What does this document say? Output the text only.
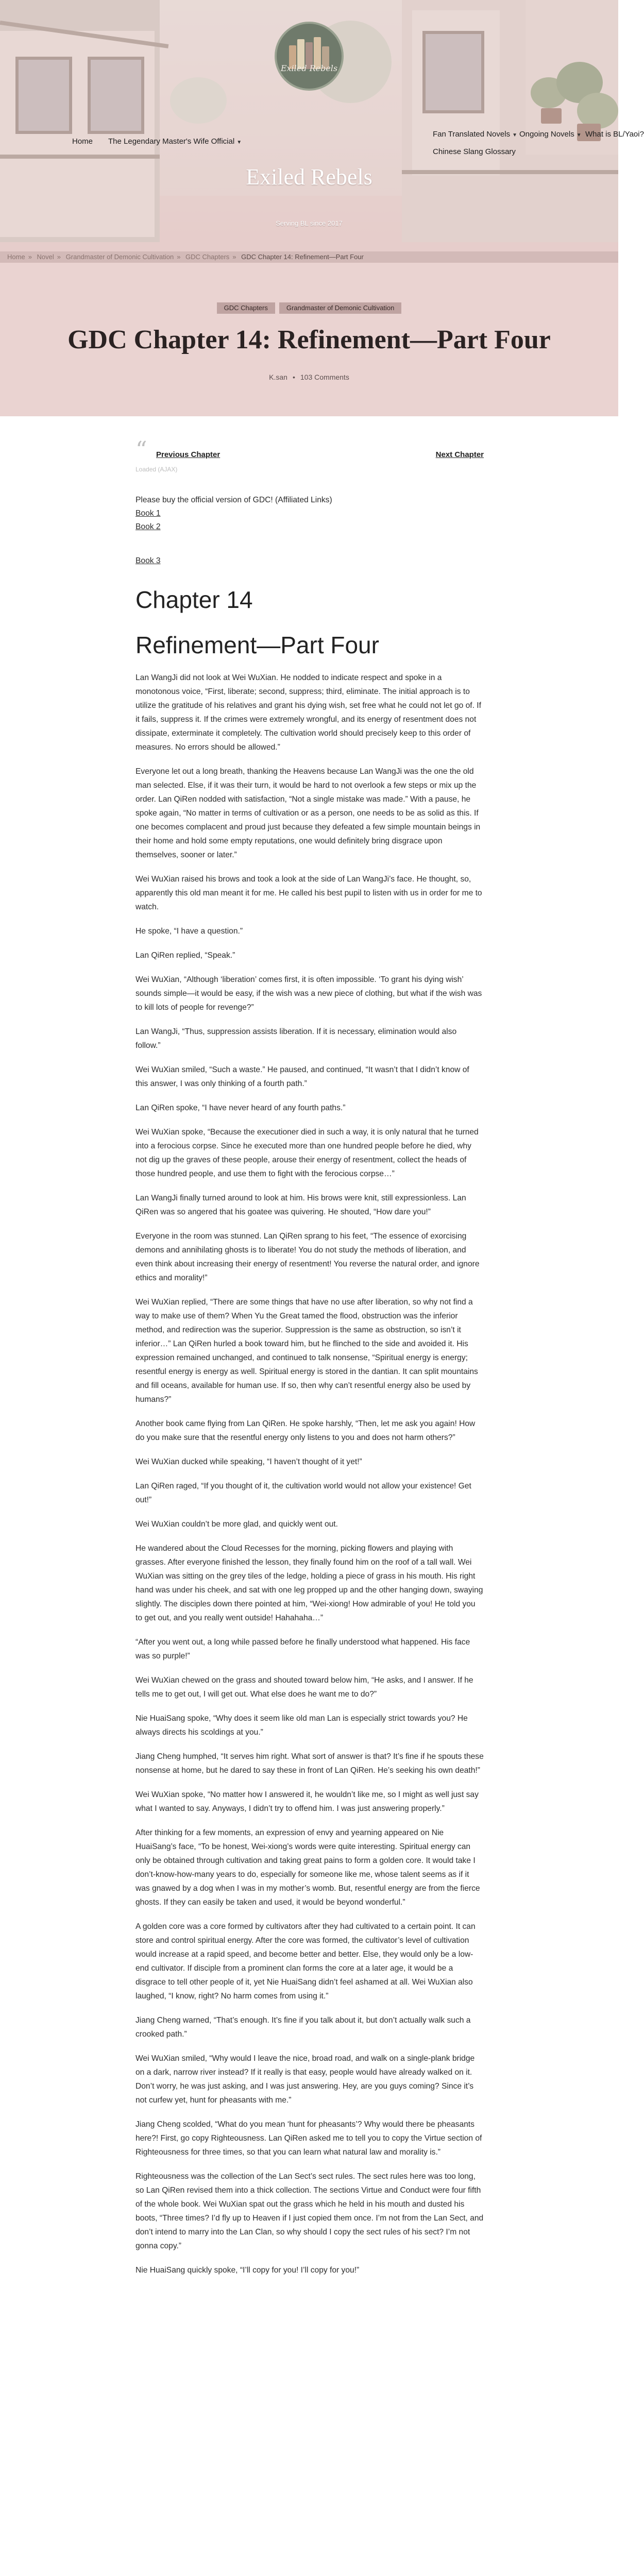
Exiled Rebels
Home The Legendary Master's Wife Official ▼
Fan Translated Novels ▼ Ongoing Novels ▼ What is BL/Yaoi?
Chinese Slang Glossary
Exiled Rebels
Serving BL since 2017
Home » Novel » Grandmaster of Demonic Cultivation » GDC Chapters » GDC Chapter 14: Refinement—Part Four
GDC Chapters	Grandmaster of Demonic Cultivation
GDC Chapter 14: Refinement—Part Four
K.san • 103 Comments
“ Previous Chapter	Next Chapter
Loaded (AJAX)

Please buy the official version of GDC! (Affiliated Links)

Book 1

Book 2

Book 3

Chapter 14
Refinement—Part Four

Lan WangJi did not look at Wei WuXian. He nodded to indicate respect and spoke in a monotonous voice, “First, liberate; second, suppress; third, eliminate. The initial approach is to utilize the gratitude of his relatives and grant his dying wish, set free what he could not let go of. If it fails, suppress it. If the crimes were extremely wrongful, and its energy of resentment does not dissipate, exterminate it completely. The cultivation world should precisely keep to this order of measures. No errors should be allowed.”

Everyone let out a long breath, thanking the Heavens because Lan WangJi was the one the old man selected. Else, if it was their turn, it would be hard to not overlook a few steps or mix up the order. Lan QiRen nodded with satisfaction, “Not a single mistake was made.” With a pause, he spoke again, “No matter in terms of cultivation or as a person, one needs to be as solid as this. If one becomes complacent and proud just because they defeated a few simple mountain beings in their home and hold some empty reputations, one would definitely bring disgrace upon themselves, sooner or later.”

Wei WuXian raised his brows and took a look at the side of Lan WangJi’s face. He thought, so, apparently this old man meant it for me. He called his best pupil to listen with us in order for me to watch.

He spoke, “I have a question.”

Lan QiRen replied, “Speak.”

Wei WuXian, “Although ‘liberation’ comes first, it is often impossible. ‘To grant his dying wish’ sounds simple—it would be easy, if the wish was a new piece of clothing, but what if the wish was to kill lots of people for revenge?”

Lan WangJi, “Thus, suppression assists liberation. If it is necessary, elimination would also follow.”

Wei WuXian smiled, “Such a waste.” He paused, and continued, “It wasn’t that I didn’t know of this answer, I was only thinking of a fourth path.”

Lan QiRen spoke, “I have never heard of any fourth paths.”

Wei WuXian spoke, “Because the executioner died in such a way, it is only natural that he turned into a ferocious corpse. Since he executed more than one hundred people before he died, why not dig up the graves of these people, arouse their energy of resentment, collect the heads of those hundred people, and use them to fight with the ferocious corpse…”

Lan WangJi finally turned around to look at him. His brows were knit, still expressionless. Lan QiRen was so angered that his goatee was quivering. He shouted, “How dare you!”

Everyone in the room was stunned. Lan QiRen sprang to his feet, “The essence of exorcising demons and annihilating ghosts is to liberate! You do not study the methods of liberation, and even think about increasing their energy of resentment! You reverse the natural order, and ignore ethics and morality!”

Wei WuXian replied, “There are some things that have no use after liberation, so why not find a way to make use of them? When Yu the Great tamed the flood, obstruction was the inferior method, and redirection was the superior. Suppression is the same as obstruction, so isn’t it inferior…” Lan QiRen hurled a book toward him, but he flinched to the side and avoided it. His expression remained unchanged, and continued to talk nonsense, “Spiritual energy is energy; resentful energy is energy as well. Spiritual energy is stored in the dantian. It can split mountains and fill oceans, available for human use. If so, then why can’t resentful energy also be used by humans?”

Another book came flying from Lan QiRen. He spoke harshly, “Then, let me ask you again! How do you make sure that the resentful energy only listens to you and does not harm others?”

Wei WuXian ducked while speaking, “I haven’t thought of it yet!”

Lan QiRen raged, “If you thought of it, the cultivation world would not allow your existence! Get out!”

Wei WuXian couldn’t be more glad, and quickly went out.

He wandered about the Cloud Recesses for the morning, picking flowers and playing with grasses. After everyone finished the lesson, they finally found him on the roof of a tall wall. Wei WuXian was sitting on the grey tiles of the ledge, holding a piece of grass in his mouth. His right hand was under his cheek, and sat with one leg propped up and the other hanging down, swaying slightly. The disciples down there pointed at him, “Wei-xiong! How admirable of you! He told you to get out, and you really went outside! Hahahaha…”

“After you went out, a long while passed before he finally understood what happened. His face was so purple!”

Wei WuXian chewed on the grass and shouted toward below him, “He asks, and I answer. If he tells me to get out, I will get out. What else does he want me to do?”

Nie HuaiSang spoke, “Why does it seem like old man Lan is especially strict towards you? He always directs his scoldings at you.”

Jiang Cheng humphed, “It serves him right. What sort of answer is that? It’s fine if he spouts these nonsense at home, but he dared to say these in front of Lan QiRen. He’s seeking his own death!”

Wei WuXian spoke, “No matter how I answered it, he wouldn’t like me, so I might as well just say what I wanted to say. Anyways, I didn’t try to offend him. I was just answering properly.”

After thinking for a few moments, an expression of envy and yearning appeared on Nie HuaiSang’s face, “To be honest, Wei-xiong’s words were quite interesting. Spiritual energy can only be obtained through cultivation and taking great pains to form a golden core. It would take I don’t-know-how-many years to do, especially for someone like me, whose talent seems as if it was gnawed by a dog when I was in my mother’s womb. But, resentful energy are from the fierce ghosts. If they can easily be taken and used, it would be beyond wonderful.”

A golden core was a core formed by cultivators after they had cultivated to a certain point. It can store and control spiritual energy. After the core was formed, the cultivator’s level of cultivation would increase at a rapid speed, and become better and better. Else, they would only be a low-end cultivator. If disciple from a prominent clan forms the core at a later age, it would be a disgrace to tell other people of it, yet Nie HuaiSang didn’t feel ashamed at all. Wei WuXian also laughed, “I know, right? No harm comes from using it.”

Jiang Cheng warned, “That’s enough. It’s fine if you talk about it, but don’t actually walk such a crooked path.”

Wei WuXian smiled, “Why would I leave the nice, broad road, and walk on a single-plank bridge on a dark, narrow river instead? If it really is that easy, people would have already walked on it. Don’t worry, he was just asking, and I was just answering. Hey, are you guys coming? Since it’s not curfew yet, hunt for pheasants with me.”

Jiang Cheng scolded, “What do you mean ‘hunt for pheasants’? Why would there be pheasants here?! First, go copy Righteousness. Lan QiRen asked me to tell you to copy the Virtue section of Righteousness for three times, so that you can learn what natural law and morality is.”

Righteousness was the collection of the Lan Sect’s sect rules. The sect rules here was too long, so Lan QiRen revised them into a thick collection. The sections Virtue and Conduct were four fifth of the whole book. Wei WuXian spat out the grass which he held in his mouth and dusted his boots, “Three times? I’d fly up to Heaven if I just copied them once. I’m not from the Lan Sect, and don’t intend to marry into the Lan Clan, so why should I copy the sect rules of his sect? I’m not gonna copy.”

Nie HuaiSang quickly spoke, “I’ll copy for you! I’ll copy for you!”
